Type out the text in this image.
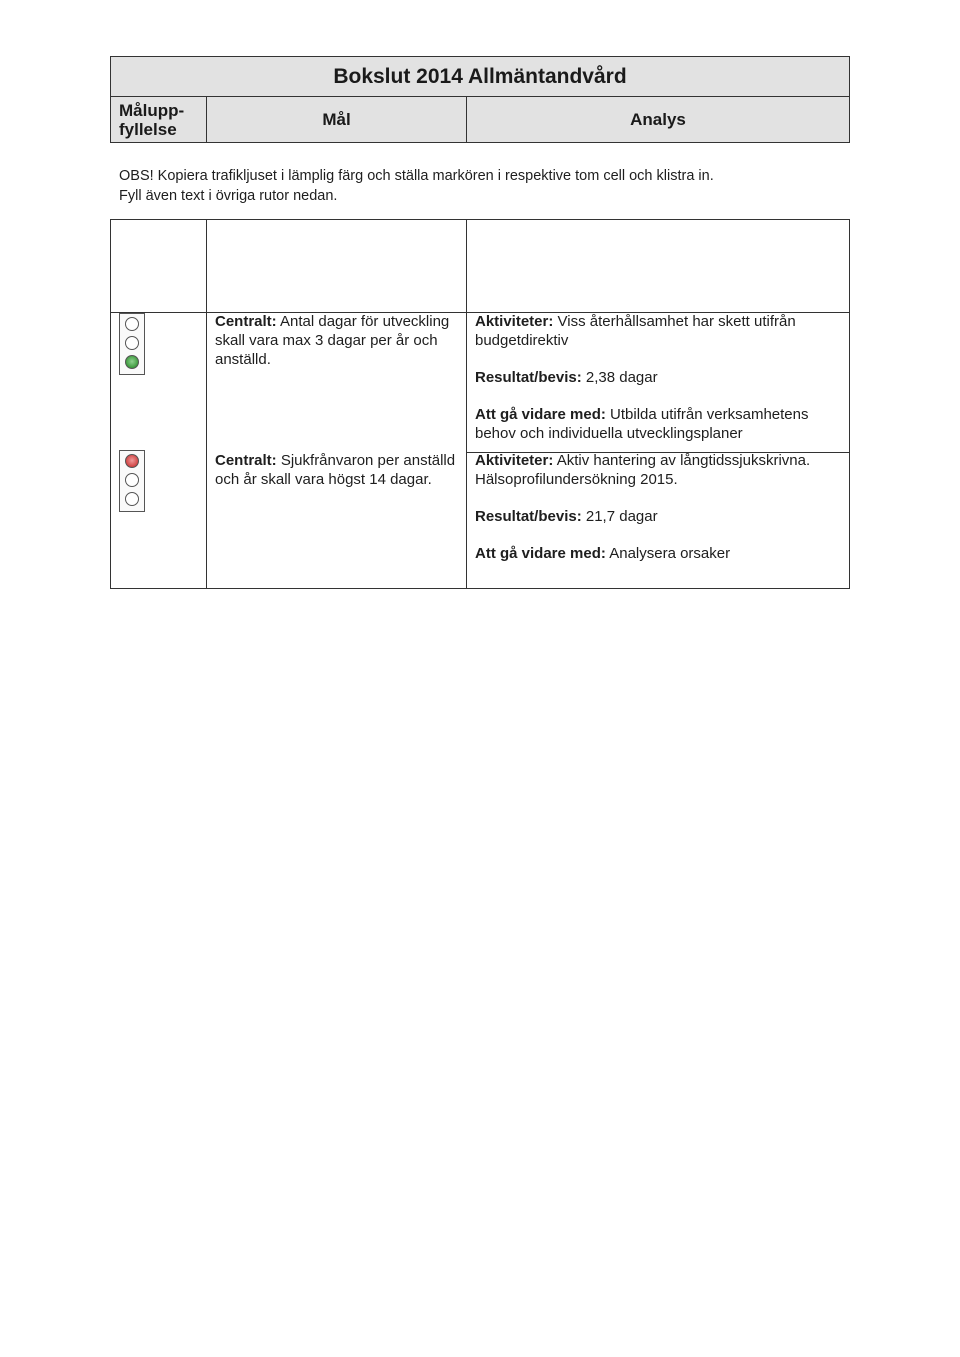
Bokslut 2014 Allmäntandvård
Målupp-fyllelse
Mål	Analys
OBS! Kopiera trafikljuset i lämplig färg och ställa markören i respektive tom cell och klistra in.
Fyll även text i övriga rutor nedan.
Centralt: Antal dagar för utveckling skall vara max 3 dagar per år och anställd.
Aktiviteter: Viss återhållsamhet har skett utifrån budgetdirektiv
Resultat/bevis: 2,38 dagar
Att gå vidare med: Utbilda utifrån verksamhetens behov och individuella utvecklingsplaner
Centralt: Sjukfrånvaron per anställd och år skall vara högst 14 dagar.
Aktiviteter: Aktiv hantering av långtidssjukskrivna. Hälsoprofilundersökning 2015.
Resultat/bevis: 21,7 dagar
Att gå vidare med: Analysera orsaker
